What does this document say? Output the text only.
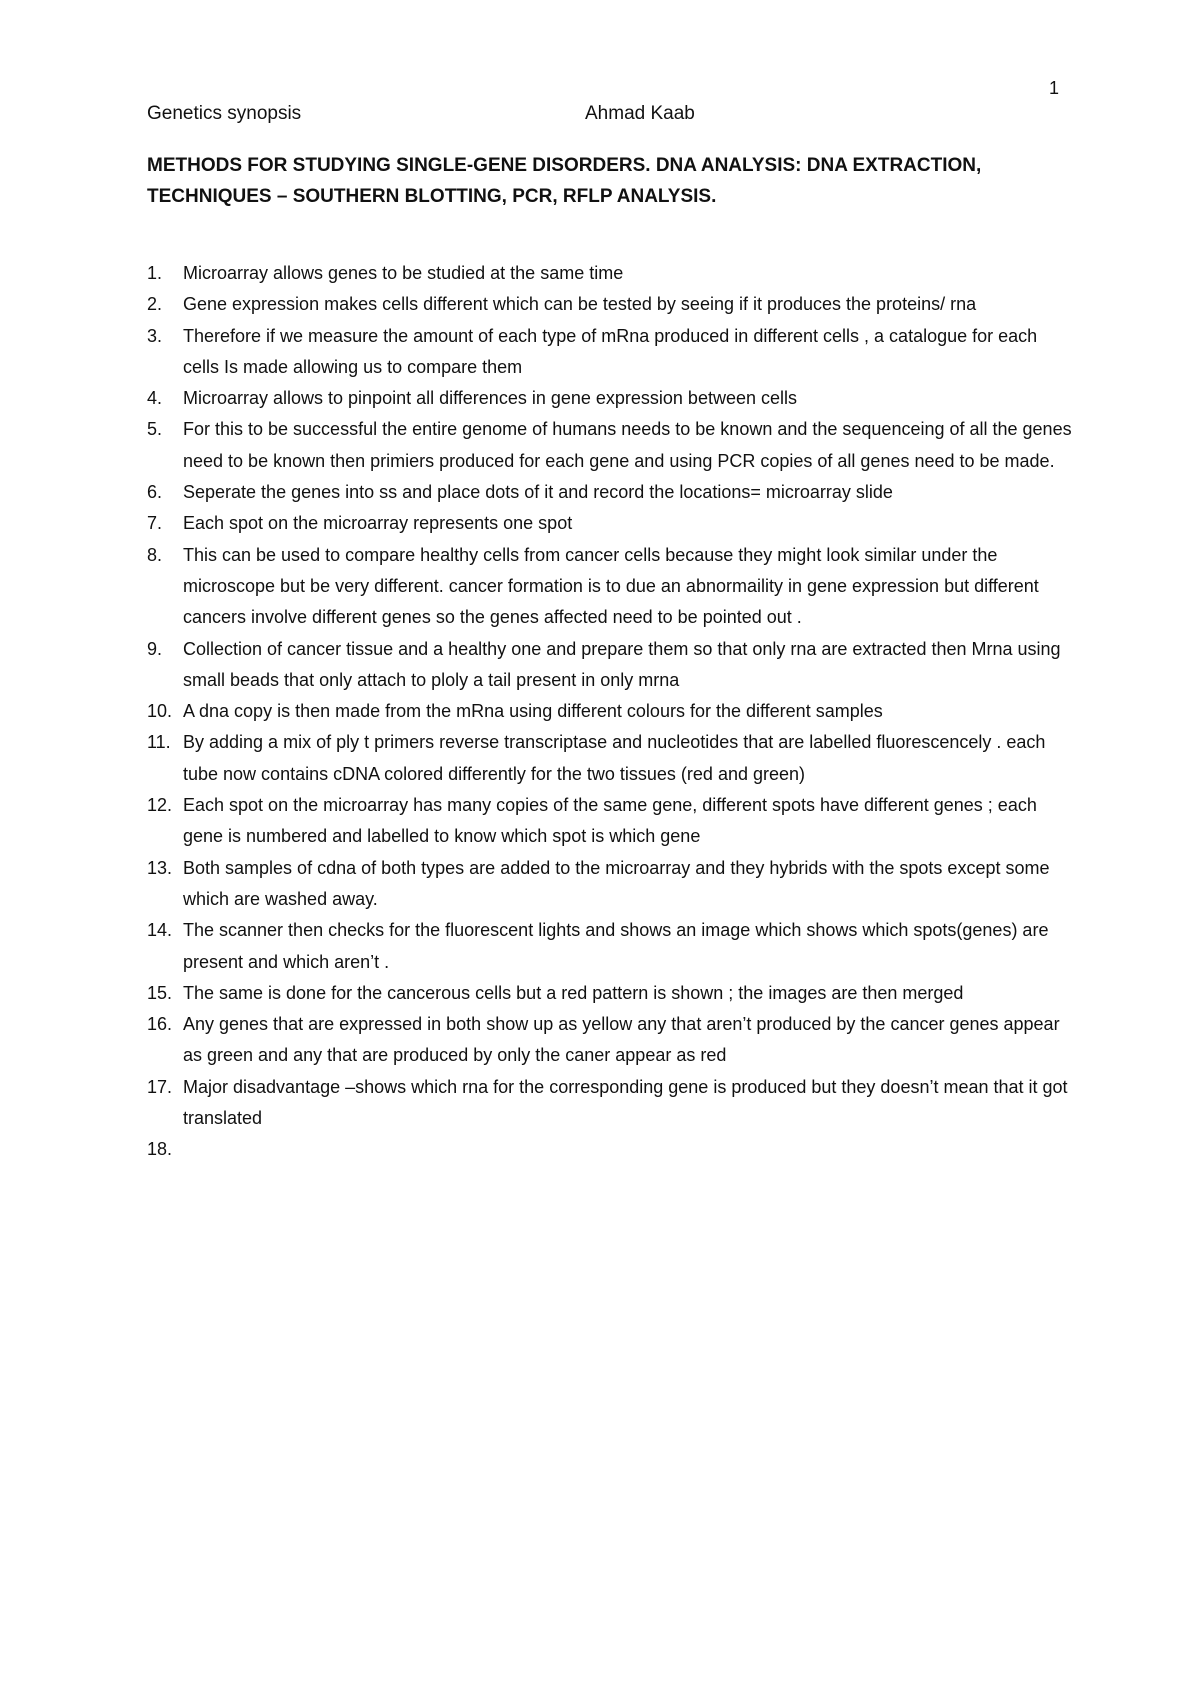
1
Genetics synopsis	Ahmad Kaab
METHODS FOR STUDYING SINGLE-GENE DISORDERS. DNA ANALYSIS: DNA EXTRACTION, TECHNIQUES – SOUTHERN BLOTTING, PCR, RFLP ANALYSIS.
1.	Microarray allows genes to be studied at the same time
2.	Gene expression makes cells different which can be tested by seeing if it produces the proteins/ rna
3.	Therefore if we measure the amount of each type of mRna produced in different cells , a catalogue for each cells Is made allowing us to compare them
4.	Microarray allows to pinpoint all differences in gene expression between cells
5.	For this to be successful the entire genome of humans needs to be known and the sequenceing of all the genes need to be known then primiers produced for each gene and using PCR copies of all genes need to be made.
6.	Seperate the genes into ss and place dots of it and record the locations= microarray slide
7.	Each spot on the microarray represents one spot
8.	This can be used to compare healthy cells from cancer cells because they might look similar under the microscope but be very different. cancer formation is to due an abnormaility in gene expression but different cancers involve different genes so the genes affected need to be pointed out .
9.	Collection of cancer tissue and a healthy one and prepare them so that only rna are extracted then Mrna using small beads that only attach to ploly a tail present in only mrna
10. A dna copy is then made from the mRna using different colours for the different samples
11. By adding a mix of ply t primers reverse transcriptase and nucleotides that are labelled fluorescencely . each tube now contains cDNA colored differently for the two tissues (red and green)
12. Each spot on the microarray has many copies of the same gene, different spots have different genes ; each gene is numbered and labelled to know which spot is which gene
13. Both samples of cdna of both types are added to the microarray and they hybrids with the spots except some which are washed away.
14. The scanner then checks for the fluorescent lights and shows an image which shows which spots(genes) are present and which aren’t .
15. The same is done for the cancerous cells but a red pattern is shown ; the images are then merged
16. Any genes that are expressed in both show up as yellow any that aren’t produced by the cancer genes appear as green and any that are produced by only the caner appear as red
17. Major disadvantage –shows which rna for the corresponding gene is produced but they doesn’t mean that it got translated
18.
